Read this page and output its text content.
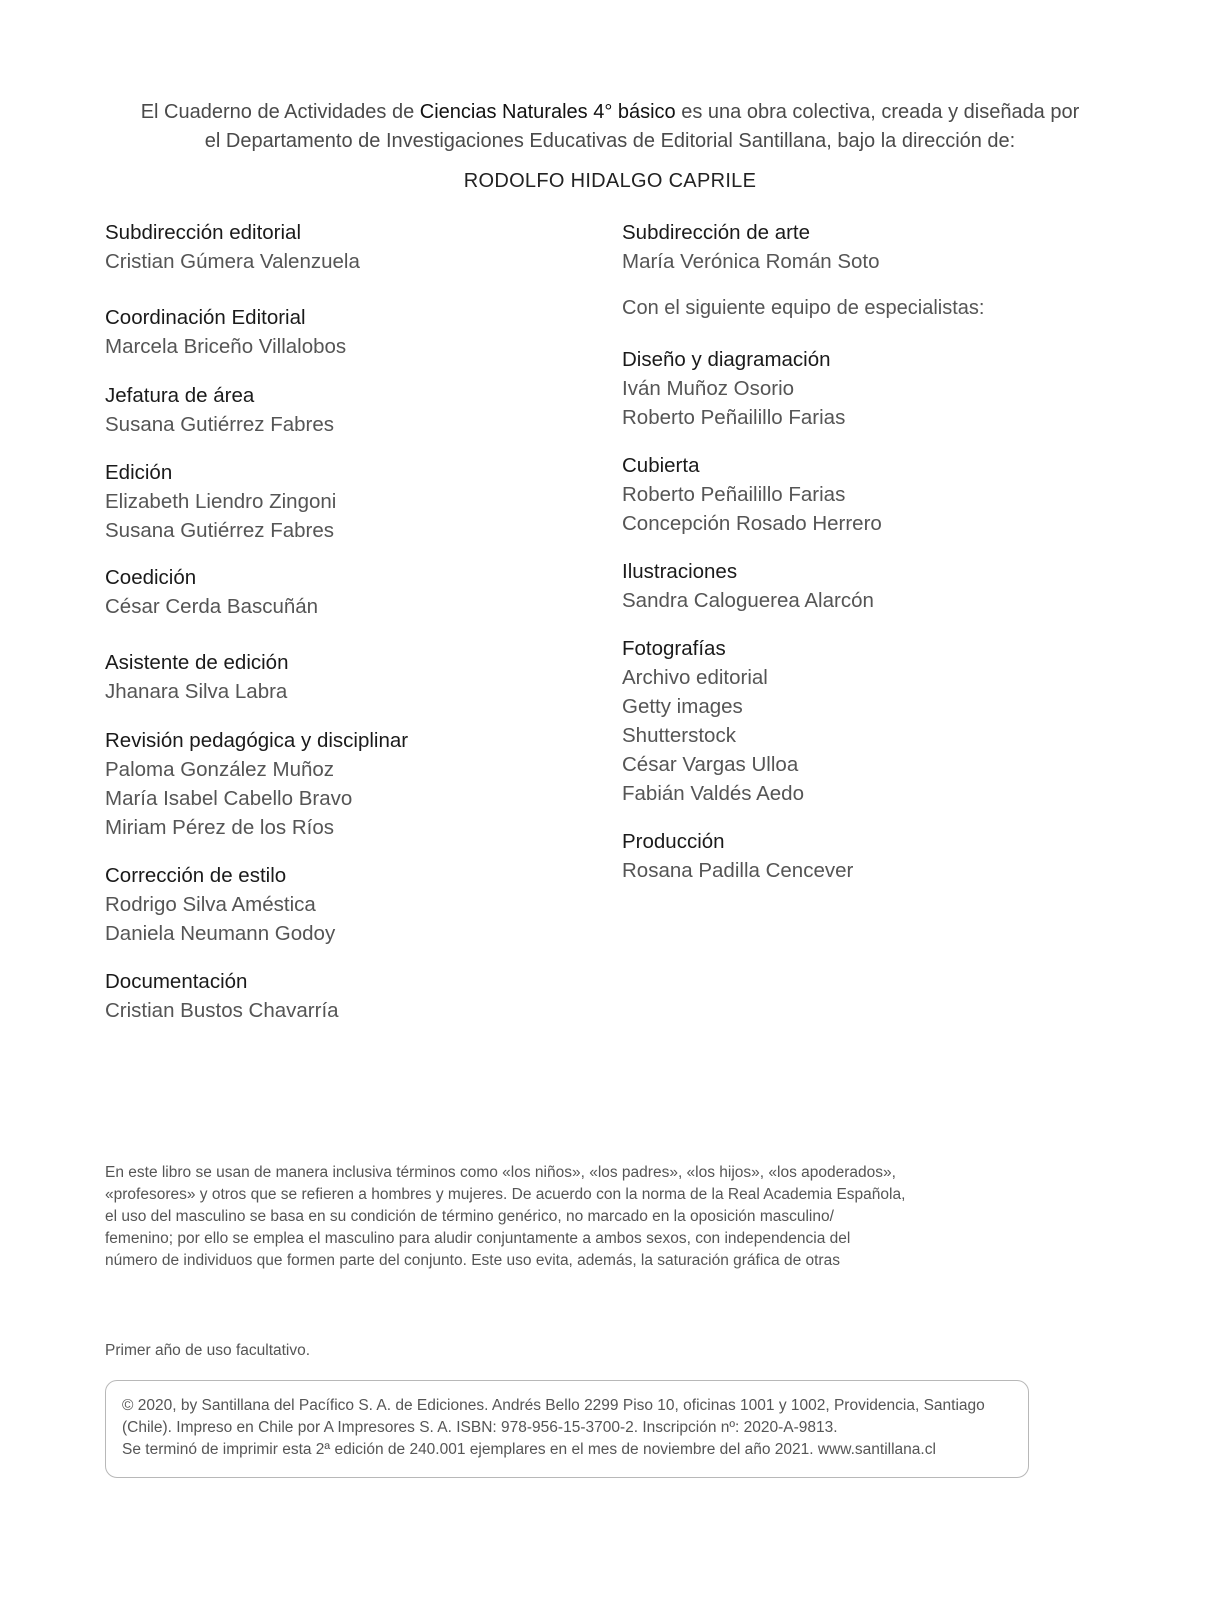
El Cuaderno de Actividades de Ciencias Naturales 4° básico es una obra colectiva, creada y diseñada por
el Departamento de Investigaciones Educativas de Editorial Santillana, bajo la dirección de:
RODOLFO HIDALGO CAPRILE
Subdirección editorial
Cristian Gúmera Valenzuela
Coordinación Editorial
Marcela Briceño Villalobos
Jefatura de área
Susana Gutiérrez Fabres
Edición
Elizabeth Liendro Zingoni
Susana Gutiérrez Fabres
Coedición
César Cerda Bascuñán
Asistente de edición
Jhanara Silva Labra
Revisión pedagógica y disciplinar
Paloma González Muñoz
María Isabel Cabello Bravo
Miriam Pérez de los Ríos
Corrección de estilo
Rodrigo Silva Améstica
Daniela Neumann Godoy
Documentación
Cristian Bustos Chavarría
Subdirección de arte
María Verónica Román Soto
Con el siguiente equipo de especialistas:
Diseño y diagramación
Iván Muñoz Osorio
Roberto Peñailillo Farias
Cubierta
Roberto Peñailillo Farias
Concepción Rosado Herrero
Ilustraciones
Sandra Caloguerea Alarcón
Fotografías
Archivo editorial
Getty images
Shutterstock
César Vargas Ulloa
Fabián Valdés Aedo
Producción
Rosana Padilla Cencever
En este libro se usan de manera inclusiva términos como «los niños», «los padres», «los hijos», «los apoderados»,
«profesores» y otros que se refieren a hombres y mujeres. De acuerdo con la norma de la Real Academia Española,
el uso del masculino se basa en su condición de término genérico, no marcado en la oposición masculino/
femenino; por ello se emplea el masculino para aludir conjuntamente a ambos sexos, con independencia del
número de individuos que formen parte del conjunto. Este uso evita, además, la saturación gráfica de otras
Primer año de uso facultativo.
© 2020, by Santillana del Pacífico S. A. de Ediciones. Andrés Bello 2299 Piso 10, oficinas 1001 y 1002, Providencia, Santiago
(Chile). Impreso en Chile por A Impresores S. A. ISBN: 978-956-15-3700-2. Inscripción nº: 2020-A-9813.
Se terminó de imprimir esta 2ª edición de 240.001 ejemplares en el mes de noviembre del año 2021. www.santillana.cl
